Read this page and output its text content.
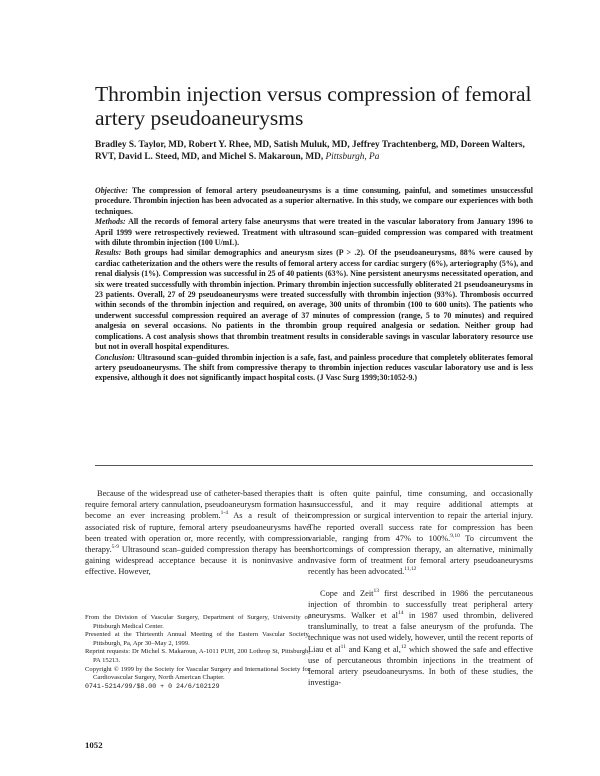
Thrombin injection versus compression of femoral artery pseudoaneurysms

Bradley S. Taylor, MD, Robert Y. Rhee, MD, Satish Muluk, MD, Jeffrey Trachtenberg, MD, Doreen Walters, RVT, David L. Steed, MD, and Michel S. Makaroun, MD, Pittsburgh, Pa

Objective: The compression of femoral artery pseudoaneurysms is a time consuming, painful, and sometimes unsuccessful procedure. Thrombin injection has been advocated as a superior alternative. In this study, we compare our experiences with both techniques.

Methods: All the records of femoral artery false aneurysms that were treated in the vascular laboratory from January 1996 to April 1999 were retrospectively reviewed. Treatment with ultrasound scan–guided compression was compared with treatment with dilute thrombin injection (100 U/mL).

Results: Both groups had similar demographics and aneurysm sizes (P > .2). Of the pseudoaneurysms, 88% were caused by cardiac catheterization and the others were the results of femoral artery access for cardiac surgery (6%), arteriography (5%), and renal dialysis (1%). Compression was successful in 25 of 40 patients (63%). Nine persistent aneurysms necessitated operation, and six were treated successfully with thrombin injection. Primary thrombin injection successfully obliterated 21 pseudoaneurysms in 23 patients. Overall, 27 of 29 pseudoaneurysms were treated successfully with thrombin injection (93%). Thrombosis occurred within seconds of the thrombin injection and required, on average, 300 units of thrombin (100 to 600 units). The patients who underwent successful compression required an average of 37 minutes of compression (range, 5 to 70 minutes) and required analgesia on several occasions. No patients in the thrombin group required analgesia or sedation. Neither group had complications. A cost analysis shows that thrombin treatment results in considerable savings in vascular laboratory resource use but not in overall hospital expenditures.

Conclusion: Ultrasound scan–guided thrombin injection is a safe, fast, and painless procedure that completely obliterates femoral artery pseudoaneurysms. The shift from compressive therapy to thrombin injection reduces vascular laboratory use and is less expensive, although it does not significantly impact hospital costs. (J Vasc Surg 1999;30:1052-9.)

Because of the widespread use of catheter-based therapies that require femoral artery cannulation, pseudoaneurysm formation has become an ever increasing problem.$^{1-4}$ As a result of their associated risk of rupture, femoral artery pseudoaneurysms have been treated with operation or, more recently, with compression therapy.$^{5-9}$ Ultrasound scan–guided compression therapy has been gaining widespread acceptance because it is noninvasive and effective. However,

From the Division of Vascular Surgery, Department of Surgery, University of Pittsburgh Medical Center.

Presented at the Thirteenth Annual Meeting of the Eastern Vascular Society, Pittsburgh, Pa, Apr 30–May 2, 1999.

Reprint requests: Dr Michel S. Makaroun, A-1011 PUH, 200 Lothrop St, Pittsburgh, PA 15213.

Copyright © 1999 by the Society for Vascular Surgery and International Society for Cardiovascular Surgery, North American Chapter.

0741-5214/99/$8.00 + 0 24/6/102129

it is often quite painful, time consuming, and occasionally unsuccessful, and it may require additional attempts at compression or surgical intervention to repair the arterial injury. The reported overall success rate for compression has been variable, ranging from 47% to 100%.$^{9,10}$ To circumvent the shortcomings of compression therapy, an alternative, minimally invasive form of treatment for femoral artery pseudoaneurysms recently has been advocated.$^{11,12}$

Cope and Zeit$^{13}$ first described in 1986 the percutaneous injection of thrombin to successfully treat peripheral artery aneurysms. Walker et $al^{14}$ in 1987 used thrombin, delivered transluminally, to treat a false aneurysm of the profunda. The technique was not used widely, however, until the recent reports of Liau et $al^{11}$ and Kang et al,$^{12}$ which showed the safe and effective use of percutaneous thrombin injections in the treatment of femoral artery pseudoaneurysms. In both of these studies, the investiga-

1052
